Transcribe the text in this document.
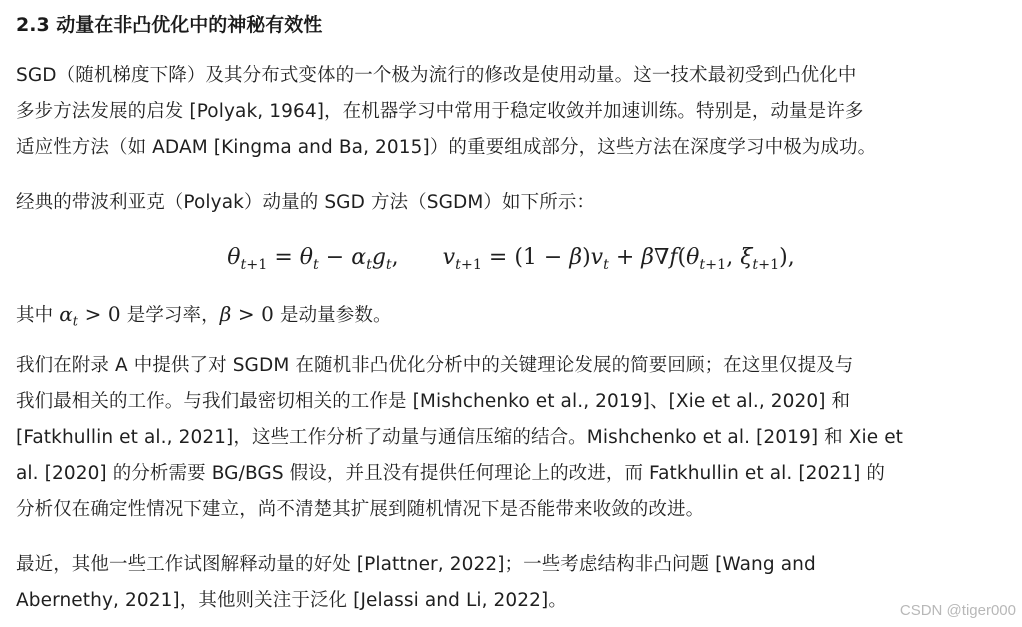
2.3 动量在非凸优化中的神秘有效性
SGD（随机梯度下降）及其分布式变体的一个极为流行的修改是使用动量。这一技术最初受到凸优化中
多步方法发展的启发 [Polyak, 1964]，在机器学习中常用于稳定收敛并加速训练。特别是，动量是许多
适应性方法（如 ADAM [Kingma and Ba, 2015]）的重要组成部分，这些方法在深度学习中极为成功。
经典的带波利亚克（Polyak）动量的 SGD 方法（SGDM）如下所示：
$\theta_{t+1} = \theta_t - \alpha_tg_t$, $v_{t+1} = (1 - \beta)v_t + \beta\nabla f(\theta_{t+1}$, $\xi_{t+1}$),
其中 $\alpha_t > 0$ 是学习率，β > 0 是动量参数。
我们在附录 A 中提供了对 SGDM 在随机非凸优化分析中的关键理论发展的简要回顾；在这里仅提及与
我们最相关的工作。与我们最密切相关的工作是 [Mishchenko et al., 2019]、[Xie et al., 2020] 和
[Fatkhullin et al., 2021]，这些工作分析了动量与通信压缩的结合。Mishchenko et al. [2019] 和 Xie et
al. [2020] 的分析需要 BG/BGS 假设，并且没有提供任何理论上的改进，而 Fatkhullin et al. [2021] 的
分析仅在确定性情况下建立，尚不清楚其扩展到随机情况下是否能带来收敛的改进。
最近，其他一些工作试图解释动量的好处 [Plattner, 2022]；一些考虑结构非凸问题 [Wang and
Abernethy, 2021]，其他则关注于泛化 [Jelassi and Li, 2022]。	CSDN @tiger000
